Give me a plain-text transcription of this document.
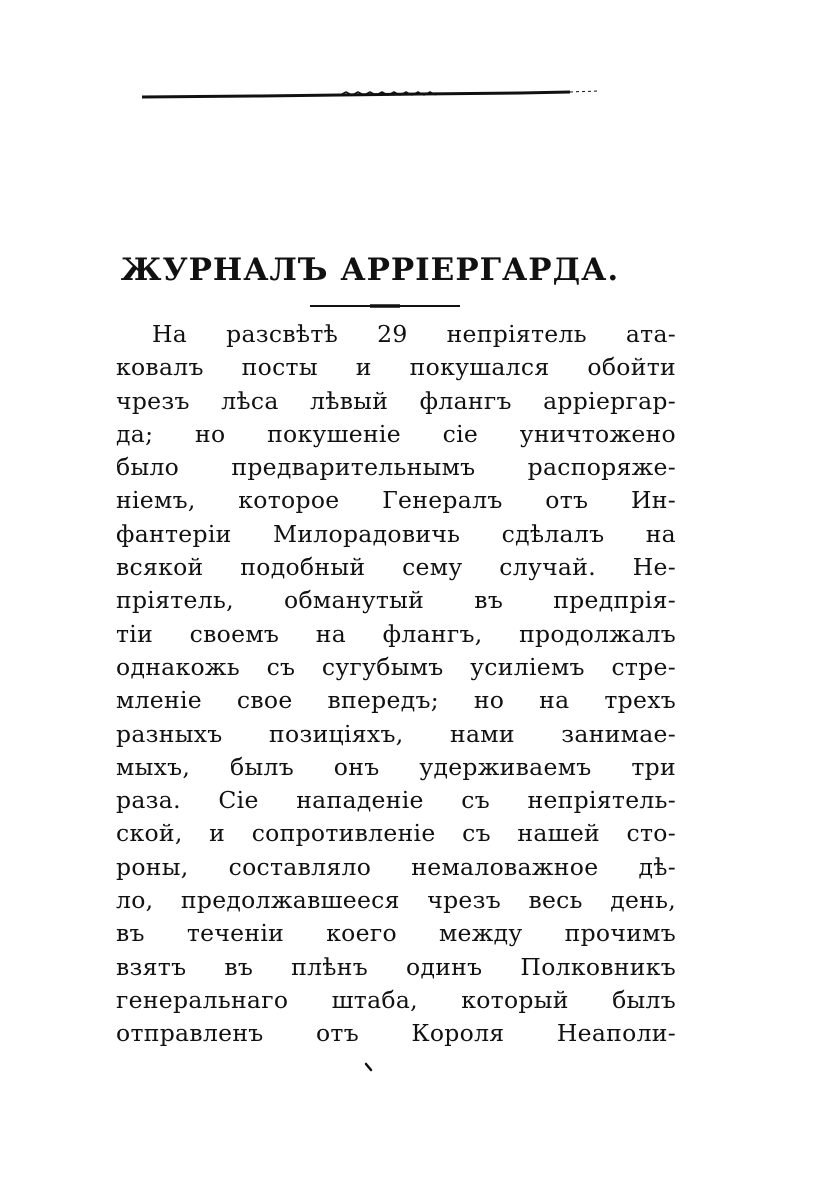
ЖУРНАЛЪ АРРІЕРГАРДА.
На разсвѣтѣ 29 непріятель ата-
ковалъ посты и покушался обойти
чрезъ лѣса лѣвый флангъ арріергар-
да; но покушеніе сіе уничтожено
было предварительнымъ распоряже-
ніемъ, которое Генералъ отъ Ин-
фантеріи Милорадовичь сдѣлалъ на
всякой подобный сему случай. Не-
пріятель, обманутый въ предпрія-
тіи своемъ на флангъ, продолжалъ
однакожь съ сугубымъ усиліемъ стре-
мленіе свое впередъ; но на трехъ
разныхъ позиціяхъ, нами занимае-
мыхъ, былъ онъ удерживаемъ три
раза. Сіе нападеніе съ непріятель-
ской, и сопротивленіе съ нашей сто-
роны, составляло немаловажное дѣ-
ло, предолжавшееся чрезъ весь день,
въ теченіи коего между прочимъ
взятъ въ плѣнъ одинъ Полковникъ
генеральнаго штаба, который былъ
отправленъ отъ Короля Неаполи-
